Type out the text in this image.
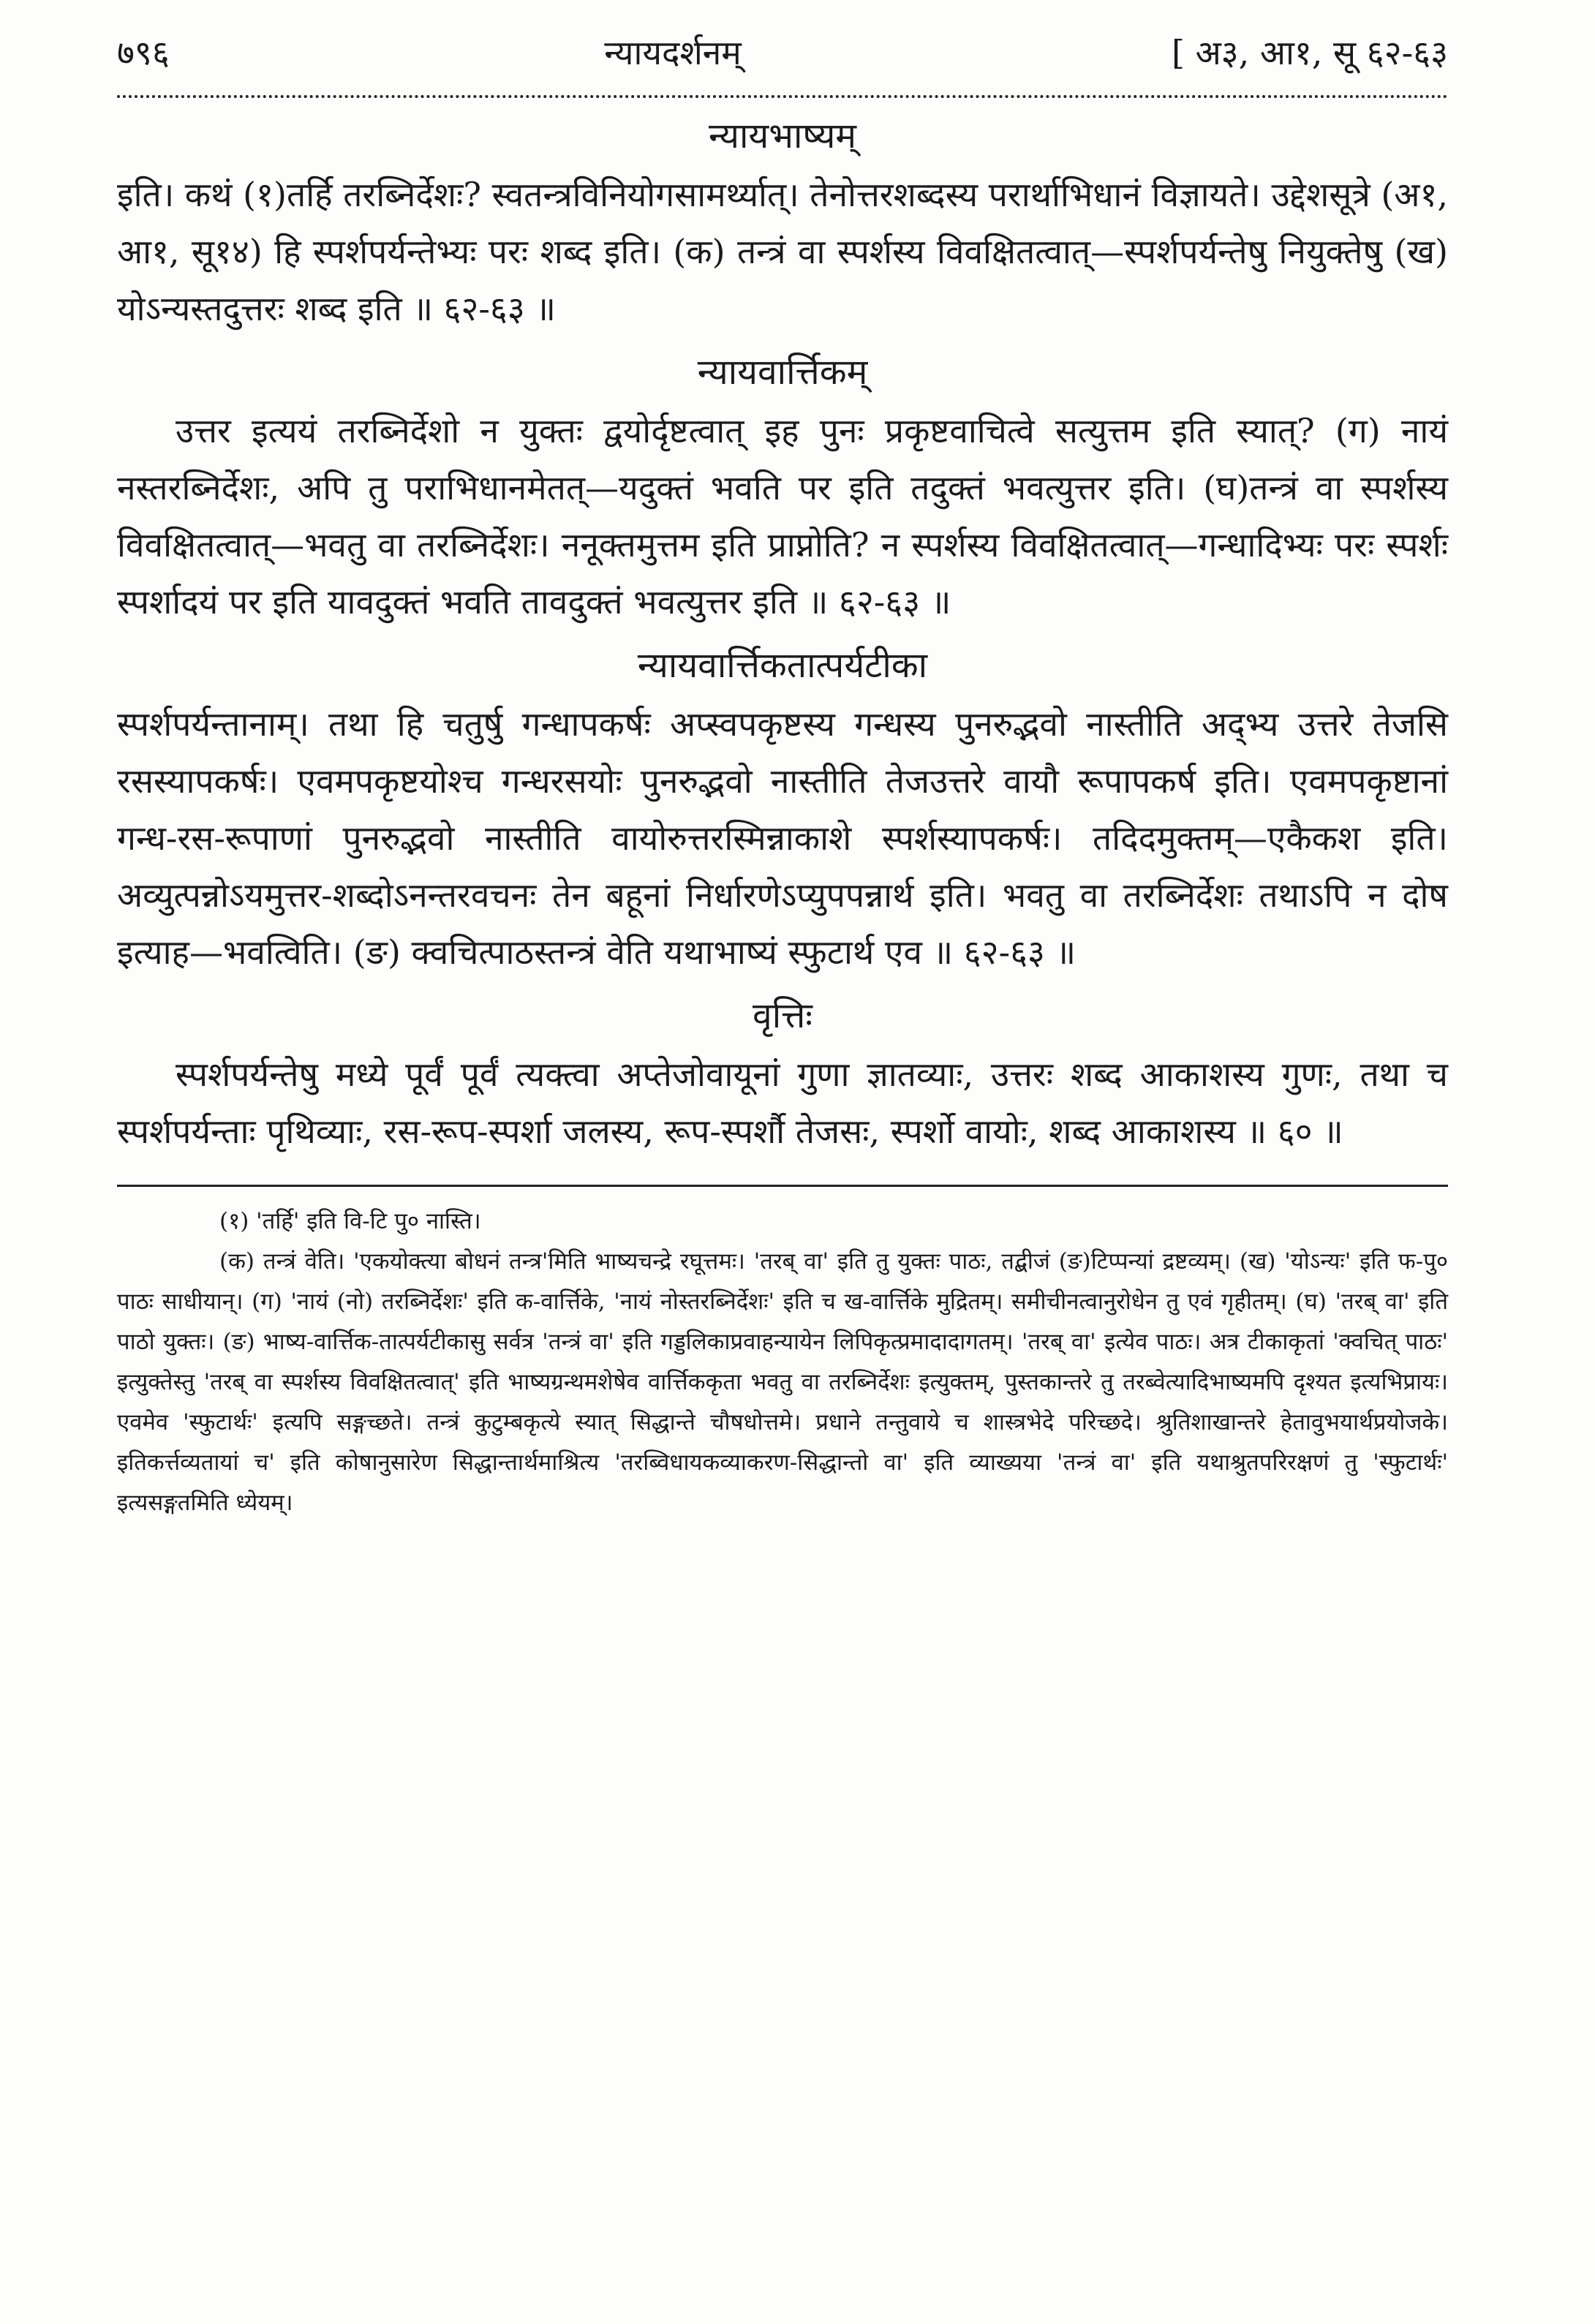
७९६	न्यायदर्शनम्	[ अ३, आ१, सू ६२-६३
न्यायभाष्यम्

इति। कथं (१)तर्हि तरब्निर्देशः? स्वतन्त्रविनियोगसामर्थ्यात्। तेनोत्तरशब्दस्य परार्थाभिधानं विज्ञायते। उद्देशसूत्रे (अ१, आ१, सू१४) हि स्पर्शपर्यन्तेभ्यः परः शब्द इति। (क) तन्त्रं वा स्पर्शस्य विवक्षितत्वात्—स्पर्शपर्यन्तेषु नियुक्तेषु (ख) योऽन्यस्तदुत्तरः शब्द इति ॥ ६२-६३ ॥

न्यायवार्त्तिकम्

उत्तर इत्ययं तरब्निर्देशो न युक्तः द्वयोर्दृष्टत्वात् इह पुनः प्रकृष्टवाचित्वे सत्युत्तम इति स्यात्? (ग) नायं नस्तरब्निर्देशः, अपि तु पराभिधानमेतत्—यदुक्तं भवति पर इति तदुक्तं भवत्युत्तर इति। (घ)तन्त्रं वा स्पर्शस्य विवक्षितत्वात्—भवतु वा तरब्निर्देशः। ननूक्तमुत्तम इति प्राप्नोति? न स्पर्शस्य विवक्षितत्वात्—गन्धादिभ्यः परः स्पर्शः स्पर्शादयं पर इति यावदुक्तं भवति तावदुक्तं भवत्युत्तर इति ॥ ६२-६३ ॥

न्यायवार्त्तिकतात्पर्यटीका

स्पर्शपर्यन्तानाम्। तथा हि चतुर्षु गन्धापकर्षः अप्स्वपकृष्टस्य गन्धस्य पुनरुद्भवो नास्तीति अद्भ्य उत्तरे तेजसि रसस्यापकर्षः। एवमपकृष्टयोश्च गन्धरसयोः पुनरुद्भवो नास्तीति तेजउत्तरे वायौ रूपापकर्ष इति। एवमपकृष्टानां गन्ध-रस-रूपाणां पुनरुद्भवो नास्तीति वायोरुत्तरस्मिन्नाकाशे स्पर्शस्यापकर्षः। तदिदमुक्तम्—एकैकश इति। अव्युत्पन्नोऽयमुत्तर-शब्दोऽनन्तरवचनः तेन बहूनां निर्धारणेऽप्युपपन्नार्थ इति। भवतु वा तरब्निर्देशः तथाऽपि न दोष इत्याह—भवत्विति। (ङ) क्वचित्पाठस्तन्त्रं वेति यथाभाष्यं स्फुटार्थ एव ॥ ६२-६३ ॥

वृत्तिः

स्पर्शपर्यन्तेषु मध्ये पूर्वं पूर्वं त्यक्त्वा अप्तेजोवायूनां गुणा ज्ञातव्याः, उत्तरः शब्द आकाशस्य गुणः, तथा च स्पर्शपर्यन्ताः पृथिव्याः, रस-रूप-स्पर्शा जलस्य, रूप-स्पर्शौ तेजसः, स्पर्शो वायोः, शब्द आकाशस्य ॥ ६० ॥

(१) 'तर्हि' इति वि-टि पु० नास्ति।

(क) तन्त्रं वेति। 'एकयोक्त्या बोधनं तन्त्र'मिति भाष्यचन्द्रे रघूत्तमः। 'तरब् वा' इति तु युक्तः पाठः, तद्बीजं (ङ)टिप्पन्यां द्रष्टव्यम्। (ख) 'योऽन्यः' इति फ-पु० पाठः साधीयान्। (ग) 'नायं (नो) तरब्निर्देशः' इति क-वार्त्तिके, 'नायं नोस्तरब्निर्देशः' इति च ख-वार्त्तिके मुद्रितम्। समीचीनत्वानुरोधेन तु एवं गृहीतम्। (घ) 'तरब् वा' इति पाठो युक्तः। (ङ) भाष्य-वार्त्तिक-तात्पर्यटीकासु सर्वत्र 'तन्त्रं वा' इति गड्डलिकाप्रवाहन्यायेन लिपिकृत्प्रमादादागतम्। 'तरब् वा' इत्येव पाठः। अत्र टीकाकृतां 'क्वचित् पाठः' इत्युक्तेस्तु 'तरब् वा स्पर्शस्य विवक्षितत्वात्' इति भाष्यग्रन्थमशेषेव वार्त्तिककृता भवतु वा तरब्निर्देशः इत्युक्तम्, पुस्तकान्तरे तु तरब्वेत्यादिभाष्यमपि दृश्यत इत्यभिप्रायः। एवमेव 'स्फुटार्थः' इत्यपि सङ्गच्छते। तन्त्रं कुटुम्बकृत्ये स्यात् सिद्धान्ते चौषधोत्तमे। प्रधाने तन्तुवाये च शास्त्रभेदे परिच्छदे। श्रुतिशाखान्तरे हेतावुभयार्थप्रयोजके। इतिकर्त्तव्यतायां च' इति कोषानुसारेण सिद्धान्तार्थमाश्रित्य 'तरब्विधायकव्याकरण-सिद्धान्तो वा' इति व्याख्यया 'तन्त्रं वा' इति यथाश्रुतपरिरक्षणं तु 'स्फुटार्थः' इत्यसङ्गतमिति ध्येयम्।
